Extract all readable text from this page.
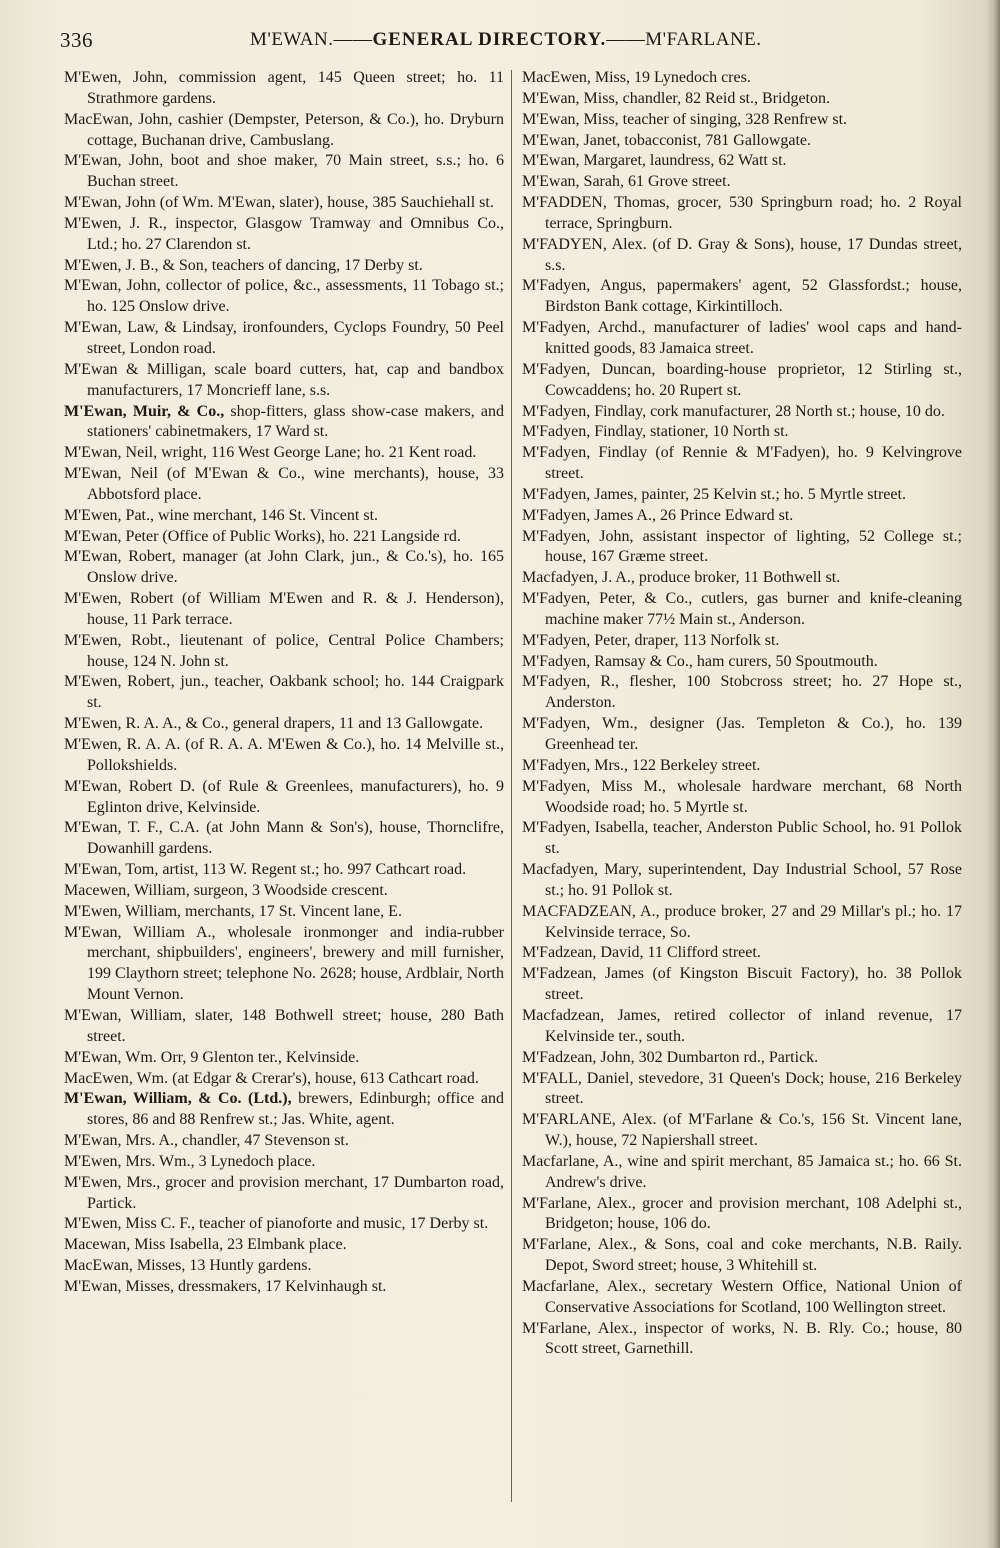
336	M'EWAN.——GENERAL DIRECTORY.——M'FARLANE.

M'Ewen, John, commission agent, 145 Queen street; ho. 11 Strathmore gardens.

MacEwan, John, cashier (Dempster, Peterson, & Co.), ho. Dryburn cottage, Buchanan drive, Cambuslang.

M'Ewan, John, boot and shoe maker, 70 Main street, s.s.; ho. 6 Buchan street.

M'Ewan, John (of Wm. M'Ewan, slater), house, 385 Sauchiehall st.

M'Ewen, J. R., inspector, Glasgow Tramway and Omnibus Co., Ltd.; ho. 27 Clarendon st.

M'Ewen, J. B., & Son, teachers of dancing, 17 Derby st.

M'Ewan, John, collector of police, &c., assessments, 11 Tobago st.; ho. 125 Onslow drive.

M'Ewan, Law, & Lindsay, ironfounders, Cyclops Foundry, 50 Peel street, London road.

M'Ewan & Milligan, scale board cutters, hat, cap and bandbox manufacturers, 17 Moncrieff lane, s.s.

M'Ewan, Muir, & Co., shop-fitters, glass show-case makers, and stationers' cabinetmakers, 17 Ward st.

M'Ewan, Neil, wright, 116 West George Lane; ho. 21 Kent road.

M'Ewan, Neil (of M'Ewan & Co., wine merchants), house, 33 Abbotsford place.

M'Ewen, Pat., wine merchant, 146 St. Vincent st.

M'Ewan, Peter (Office of Public Works), ho. 221 Langside rd.

M'Ewan, Robert, manager (at John Clark, jun., & Co.'s), ho. 165 Onslow drive.

M'Ewen, Robert (of William M'Ewen and R. & J. Henderson), house, 11 Park terrace.

M'Ewen, Robt., lieutenant of police, Central Police Chambers; house, 124 N. John st.

M'Ewen, Robert, jun., teacher, Oakbank school; ho. 144 Craigpark st.

M'Ewen, R. A. A., & Co., general drapers, 11 and 13 Gallowgate.

M'Ewen, R. A. A. (of R. A. A. M'Ewen & Co.), ho. 14 Melville st., Pollokshields.

M'Ewan, Robert D. (of Rule & Greenlees, manufacturers), ho. 9 Eglinton drive, Kelvinside.

M'Ewan, T. F., C.A. (at John Mann & Son's), house, Thornclifre, Dowanhill gardens.

M'Ewan, Tom, artist, 113 W. Regent st.; ho. 997 Cathcart road.

Macewen, William, surgeon, 3 Woodside crescent.

M'Ewen, William, merchants, 17 St. Vincent lane, E.

M'Ewan, William A., wholesale ironmonger and india-rubber merchant, shipbuilders', engineers', brewery and mill furnisher, 199 Claythorn street; telephone No. 2628; house, Ardblair, North Mount Vernon.

M'Ewan, William, slater, 148 Bothwell street; house, 280 Bath street.

M'Ewan, Wm. Orr, 9 Glenton ter., Kelvinside.

MacEwen, Wm. (at Edgar & Crerar's), house, 613 Cathcart road.

M'Ewan, William, & Co. (Ltd.), brewers, Edinburgh; office and stores, 86 and 88 Renfrew st.; Jas. White, agent.

M'Ewan, Mrs. A., chandler, 47 Stevenson st.

M'Ewen, Mrs. Wm., 3 Lynedoch place.

M'Ewen, Mrs., grocer and provision merchant, 17 Dumbarton road, Partick.

M'Ewen, Miss C. F., teacher of pianoforte and music, 17 Derby st.

Macewan, Miss Isabella, 23 Elmbank place.

MacEwan, Misses, 13 Huntly gardens.

M'Ewan, Misses, dressmakers, 17 Kelvinhaugh st.

MacEwen, Miss, 19 Lynedoch cres.

M'Ewan, Miss, chandler, 82 Reid st., Bridgeton.

M'Ewan, Miss, teacher of singing, 328 Renfrew st.

M'Ewan, Janet, tobacconist, 781 Gallowgate.

M'Ewan, Margaret, laundress, 62 Watt st.

M'Ewan, Sarah, 61 Grove street.

M'FADDEN, Thomas, grocer, 530 Springburn road; ho. 2 Royal terrace, Springburn.

M'FADYEN, Alex. (of D. Gray & Sons), house, 17 Dundas street, s.s.

M'Fadyen, Angus, papermakers' agent, 52 Glassfordst.; house, Birdston Bank cottage, Kirkintilloch.

M'Fadyen, Archd., manufacturer of ladies' wool caps and hand-knitted goods, 83 Jamaica street.

M'Fadyen, Duncan, boarding-house proprietor, 12 Stirling st., Cowcaddens; ho. 20 Rupert st.

M'Fadyen, Findlay, cork manufacturer, 28 North st.; house, 10 do.

M'Fadyen, Findlay, stationer, 10 North st.

M'Fadyen, Findlay (of Rennie & M'Fadyen), ho. 9 Kelvingrove street.

M'Fadyen, James, painter, 25 Kelvin st.; ho. 5 Myrtle street.

M'Fadyen, James A., 26 Prince Edward st.

M'Fadyen, John, assistant inspector of lighting, 52 College st.; house, 167 Græme street.

Macfadyen, J. A., produce broker, 11 Bothwell st.

M'Fadyen, Peter, & Co., cutlers, gas burner and knife-cleaning machine maker 77½ Main st., Anderson.

M'Fadyen, Peter, draper, 113 Norfolk st.

M'Fadyen, Ramsay & Co., ham curers, 50 Spoutmouth.

M'Fadyen, R., flesher, 100 Stobcross street; ho. 27 Hope st., Anderston.

M'Fadyen, Wm., designer (Jas. Templeton & Co.), ho. 139 Greenhead ter.

M'Fadyen, Mrs., 122 Berkeley street.

M'Fadyen, Miss M., wholesale hardware merchant, 68 North Woodside road; ho. 5 Myrtle st.

M'Fadyen, Isabella, teacher, Anderston Public School, ho. 91 Pollok st.

Macfadyen, Mary, superintendent, Day Industrial School, 57 Rose st.; ho. 91 Pollok st.

MACFADZEAN, A., produce broker, 27 and 29 Millar's pl.; ho. 17 Kelvinside terrace, So.

M'Fadzean, David, 11 Clifford street.

M'Fadzean, James (of Kingston Biscuit Factory), ho. 38 Pollok street.

Macfadzean, James, retired collector of inland revenue, 17 Kelvinside ter., south.

M'Fadzean, John, 302 Dumbarton rd., Partick.

M'FALL, Daniel, stevedore, 31 Queen's Dock; house, 216 Berkeley street.

M'FARLANE, Alex. (of M'Farlane & Co.'s, 156 St. Vincent lane, W.), house, 72 Napiershall street.

Macfarlane, A., wine and spirit merchant, 85 Jamaica st.; ho. 66 St. Andrew's drive.

M'Farlane, Alex., grocer and provision merchant, 108 Adelphi st., Bridgeton; house, 106 do.

M'Farlane, Alex., & Sons, coal and coke merchants, N.B. Raily. Depot, Sword street; house, 3 Whitehill st.

Macfarlane, Alex., secretary Western Office, National Union of Conservative Associations for Scotland, 100 Wellington street.

M'Farlane, Alex., inspector of works, N. B. Rly. Co.; house, 80 Scott street, Garnethill.
